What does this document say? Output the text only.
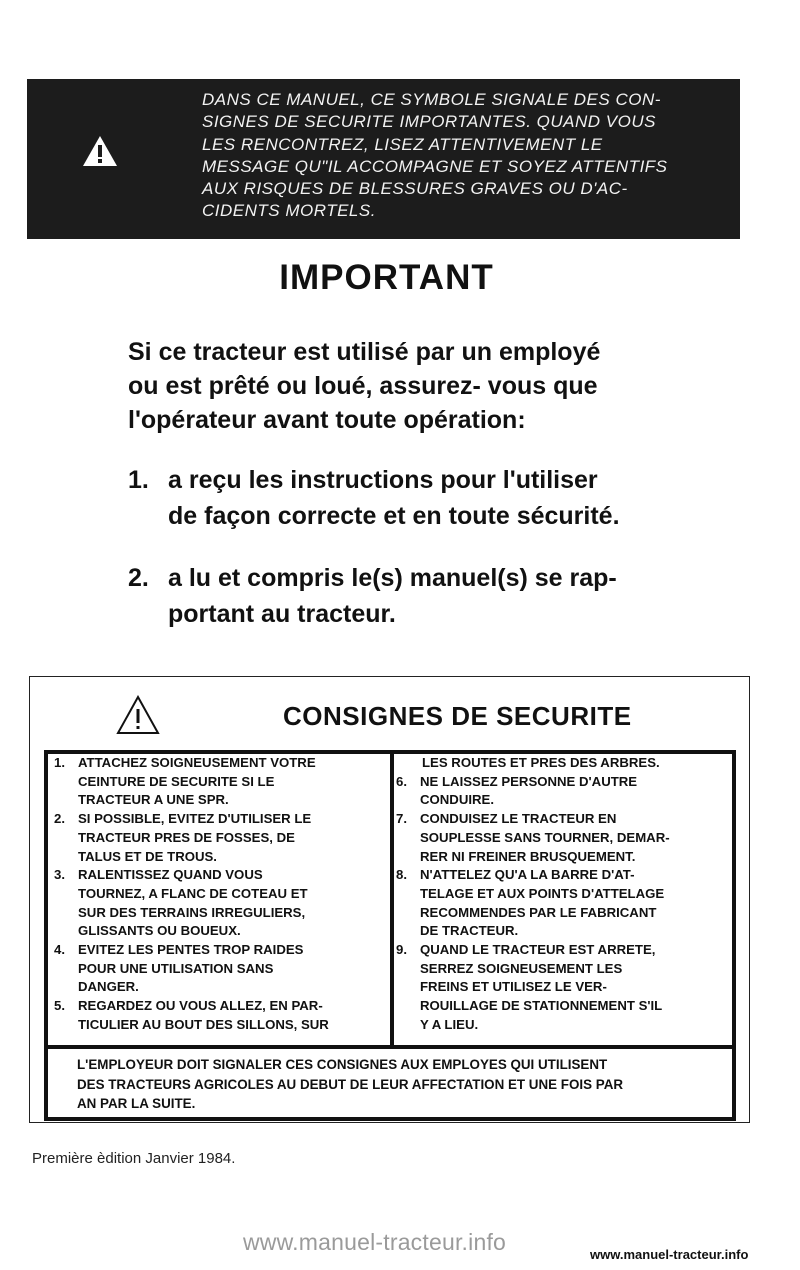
DANS CE MANUEL, CE SYMBOLE SIGNALE DES CON-
SIGNES DE SECURITE IMPORTANTES. QUAND VOUS
LES RENCONTREZ, LISEZ ATTENTIVEMENT LE
MESSAGE QU"IL ACCOMPAGNE ET SOYEZ ATTENTIFS
AUX RISQUES DE BLESSURES GRAVES OU D'AC-
CIDENTS MORTELS.
IMPORTANT
Si ce tracteur est utilisé par un employé
ou est prêté ou loué, assurez- vous que
l'opérateur avant toute opération:
1. a reçu les instructions pour l'utiliser
de façon correcte et en toute sécurité.
2. a lu et compris le(s) manuel(s) se rap-
portant au tracteur.
CONSIGNES DE SECURITE
1. ATTACHEZ SOIGNEUSEMENT VOTRE
CEINTURE DE SECURITE SI LE
TRACTEUR A UNE SPR.
2. SI POSSIBLE, EVITEZ D'UTILISER LE
TRACTEUR PRES DE FOSSES, DE
TALUS ET DE TROUS.
3. RALENTISSEZ QUAND VOUS
TOURNEZ, A FLANC DE COTEAU ET
SUR DES TERRAINS IRREGULIERS,
GLISSANTS OU BOUEUX.
4. EVITEZ LES PENTES TROP RAIDES
POUR UNE UTILISATION SANS
DANGER.
5. REGARDEZ OU VOUS ALLEZ, EN PAR-
TICULIER AU BOUT DES SILLONS, SUR
LES ROUTES ET PRES DES ARBRES.
6. NE LAISSEZ PERSONNE D'AUTRE
CONDUIRE.
7. CONDUISEZ LE TRACTEUR EN
SOUPLESSE SANS TOURNER, DEMAR-
RER NI FREINER BRUSQUEMENT.
8. N'ATTELEZ QU'A LA BARRE D'AT-
TELAGE ET AUX POINTS D'ATTELAGE
RECOMMENDES PAR LE FABRICANT
DE TRACTEUR.
9. QUAND LE TRACTEUR EST ARRETE,
SERREZ SOIGNEUSEMENT LES
FREINS ET UTILISEZ LE VER-
ROUILLAGE DE STATIONNEMENT S'IL
Y A LIEU.
L'EMPLOYEUR DOIT SIGNALER CES CONSIGNES AUX EMPLOYES QUI UTILISENT
DES TRACTEURS AGRICOLES AU DEBUT DE LEUR AFFECTATION ET UNE FOIS PAR
AN PAR LA SUITE.
Première èdition Janvier 1984.
www.manuel-tracteur.info	www.manuel-tracteur.info
